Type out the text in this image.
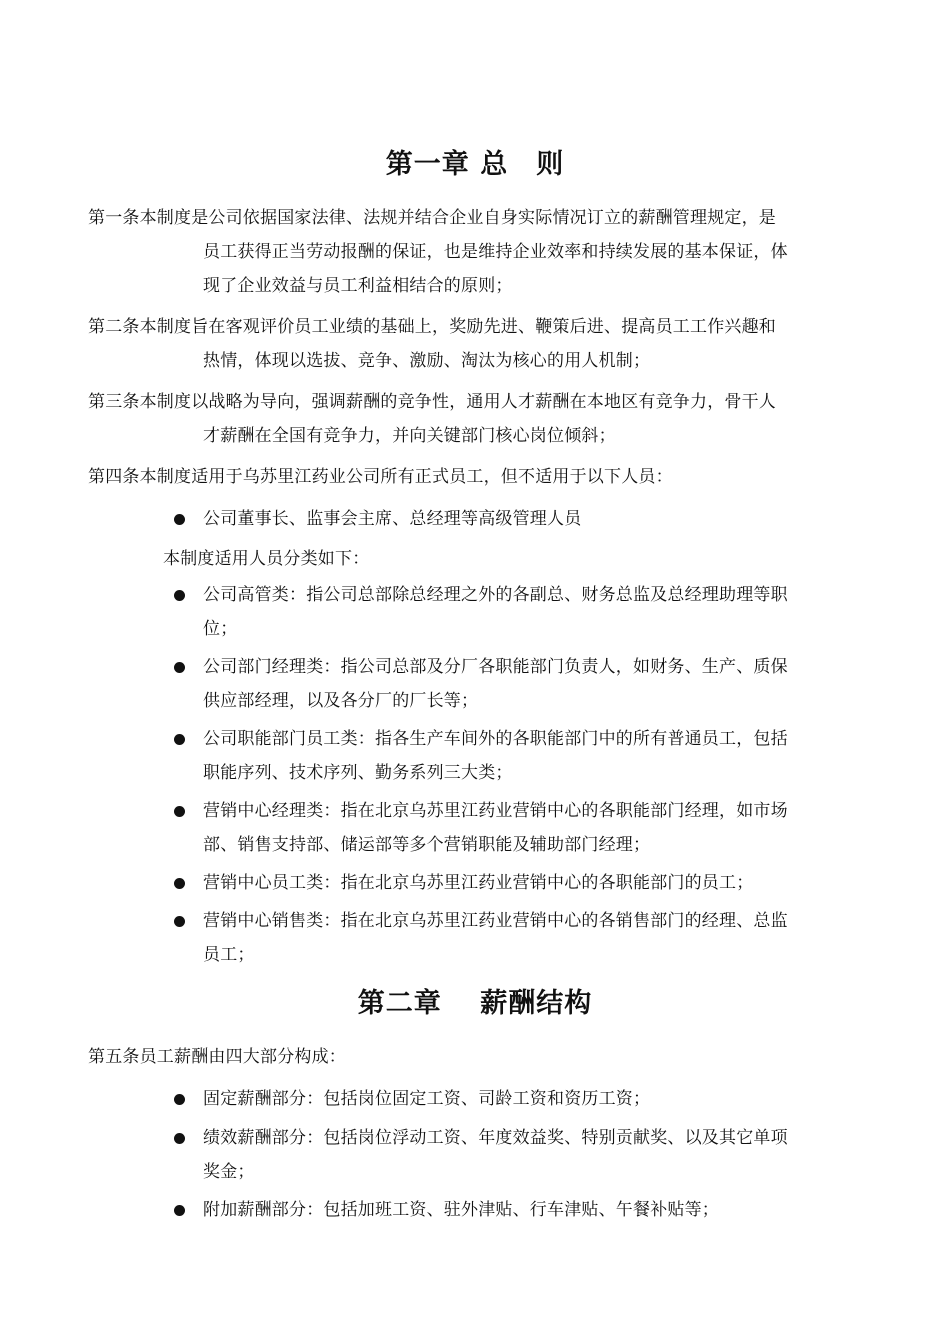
第一章 总　则
第一条本制度是公司依据国家法律、法规并结合企业自身实际情况订立的薪酬管理规定，是
员工获得正当劳动报酬的保证，也是维持企业效率和持续发展的基本保证，体
现了企业效益与员工利益相结合的原则；
第二条本制度旨在客观评价员工业绩的基础上，奖励先进、鞭策后进、提高员工工作兴趣和
热情，体现以选拔、竞争、激励、淘汰为核心的用人机制；
第三条本制度以战略为导向，强调薪酬的竞争性，通用人才薪酬在本地区有竞争力，骨干人
才薪酬在全国有竞争力，并向关键部门核心岗位倾斜；
第四条本制度适用于乌苏里江药业公司所有正式员工，但不适用于以下人员：
公司董事长、监事会主席、总经理等高级管理人员
本制度适用人员分类如下：
公司高管类：指公司总部除总经理之外的各副总、财务总监及总经理助理等职
位；
公司部门经理类：指公司总部及分厂各职能部门负责人，如财务、生产、质保
供应部经理，以及各分厂的厂长等；
公司职能部门员工类：指各生产车间外的各职能部门中的所有普通员工，包括
职能序列、技术序列、勤务系列三大类；
营销中心经理类：指在北京乌苏里江药业营销中心的各职能部门经理，如市场
部、销售支持部、储运部等多个营销职能及辅助部门经理；
营销中心员工类：指在北京乌苏里江药业营销中心的各职能部门的员工；
营销中心销售类：指在北京乌苏里江药业营销中心的各销售部门的经理、总监
员工；
第二章　 薪酬结构
第五条员工薪酬由四大部分构成：
固定薪酬部分：包括岗位固定工资、司龄工资和资历工资；
绩效薪酬部分：包括岗位浮动工资、年度效益奖、特别贡献奖、以及其它单项
奖金；
附加薪酬部分：包括加班工资、驻外津贴、行车津贴、午餐补贴等；
